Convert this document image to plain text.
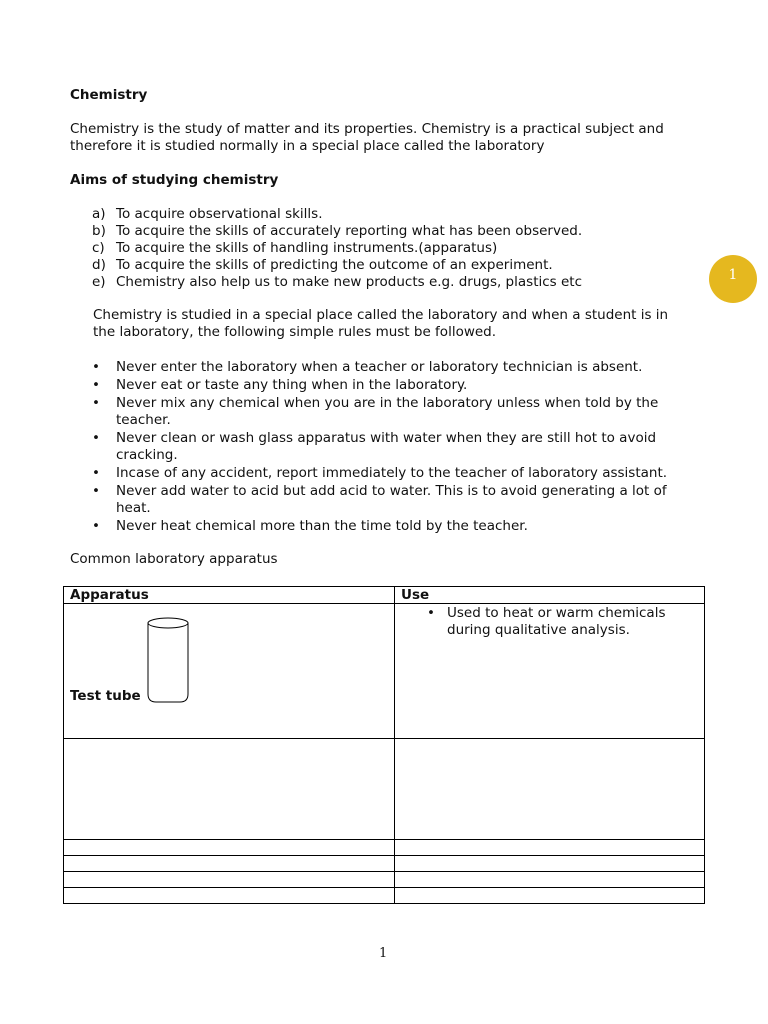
Chemistry
Chemistry is the study of matter and its properties. Chemistry is a practical subject and
therefore it is studied normally in a special place called the laboratory
Aims of studying chemistry
a) To acquire observational skills.
b) To acquire the skills of accurately reporting what has been observed.
c) To acquire the skills of handling instruments.(apparatus)
d) To acquire the skills of predicting the outcome of an experiment.
e) Chemistry also help us to make new products e.g. drugs, plastics etc	1
Chemistry is studied in a special place called the laboratory and when a student is in
the laboratory, the following simple rules must be followed.
• Never enter the laboratory when a teacher or laboratory technician is absent.
• Never eat or taste any thing when in the laboratory.
• Never mix any chemical when you are in the laboratory unless when told by the
teacher.
• Never clean or wash glass apparatus with water when they are still hot to avoid
cracking.
• Incase of any accident, report immediately to the teacher of laboratory assistant.
• Never add water to acid but add acid to water. This is to avoid generating a lot of
heat.
• Never heat chemical more than the time told by the teacher.
Common laboratory apparatus
Apparatus	Use

Test tube	• Used to heat or warm chemicals
during qualitative analysis.

1
